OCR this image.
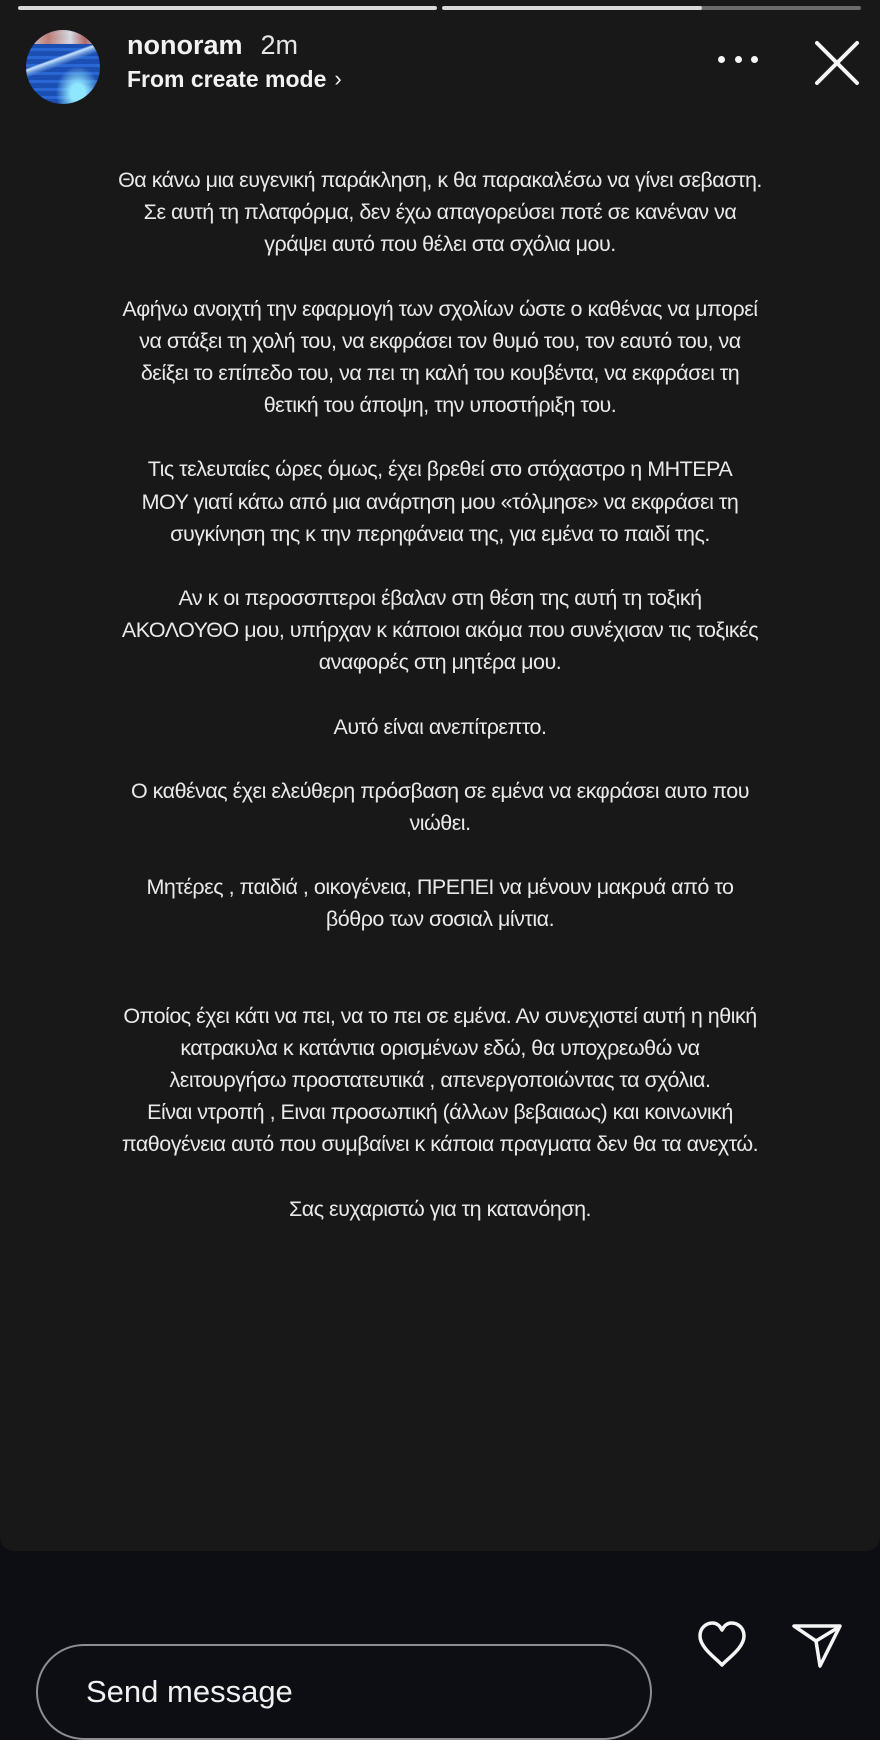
nonoram 2m
From create mode ›

Θα κάνω μια ευγενική παράκληση, κ θα παρακαλέσω να γίνει σεβαστη.
Σε αυτή τη πλατφόρμα, δεν έχω απαγορεύσει ποτέ σε κανέναν να
γράψει αυτό που θέλει στα σχόλια μου.

Αφήνω ανοιχτή την εφαρμογή των σχολίων ώστε ο καθένας να μπορεί
να στάξει τη χολή του, να εκφράσει τον θυμό του, τον εαυτό του, να
δείξει το επίπεδο του, να πει τη καλή του κουβέντα, να εκφράσει τη
θετική του άποψη, την υποστήριξη του.

Τις τελευταίες ώρες όμως, έχει βρεθεί στο στόχαστρο η ΜΗΤΕΡΑ
ΜΟΥ γιατί κάτω από μια ανάρτηση μου «τόλμησε» να εκφράσει τη
συγκίνηση της κ την περηφάνεια της, για εμένα το παιδί της.

Αν κ οι περοσσπτεροι έβαλαν στη θέση της αυτή τη τοξική
ΑΚΟΛΟΥΘΟ μου, υπήρχαν κ κάποιοι ακόμα που συνέχισαν τις τοξικές
αναφορές στη μητέρα μου.

Αυτό είναι ανεπίτρεπτο.

Ο καθένας έχει ελεύθερη πρόσβαση σε εμένα να εκφράσει αυτο που
νιώθει.

Μητέρες , παιδιά , οικογένεια, ΠΡΕΠΕΙ να μένουν μακρυά από το
βόθρο των σοσιαλ μίντια.

Οποίος έχει κάτι να πει, να το πει σε εμένα. Αν συνεχιστεί αυτή η ηθική
κατρακυλα κ κατάντια ορισμένων εδώ, θα υποχρεωθώ να
λειτουργήσω προστατευτικά , απενεργοποιώντας τα σχόλια.
Είναι ντροπή , Ειναι προσωπική (άλλων βεβαιαως) και κοινωνική
παθογένεια αυτό που συμβαίνει κ κάποια πραγματα δεν θα τα ανεχτώ.

Σας ευχαριστώ για τη κατανόηση.

Send message
